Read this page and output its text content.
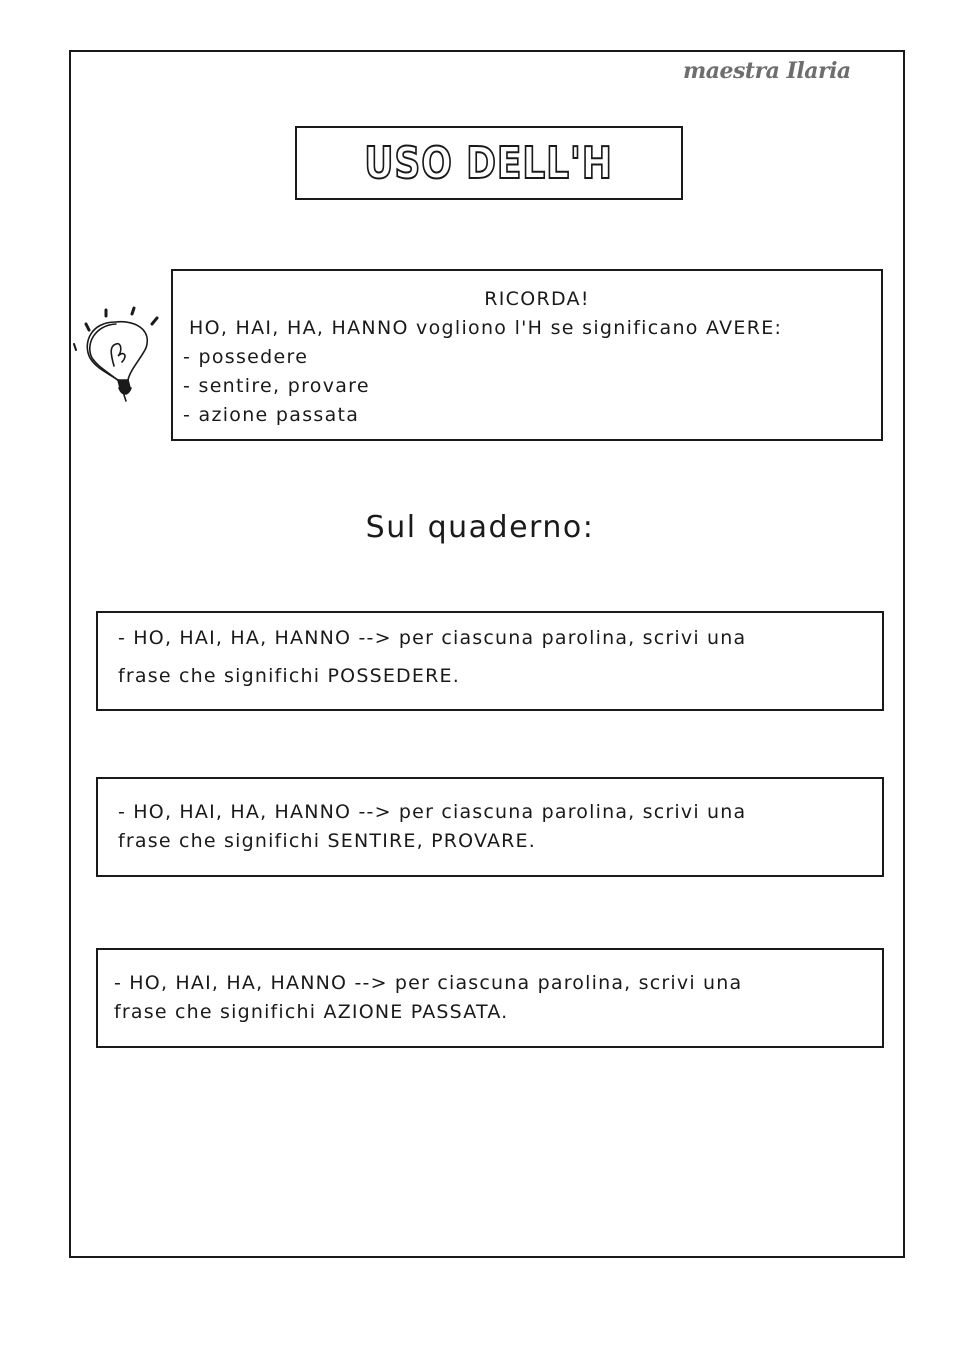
maestra Ilaria
USO DELL'H
RICORDA!
HO, HAI, HA, HANNO vogliono l'H se significano AVERE:
- possedere
- sentire, provare
- azione passata
Sul quaderno:
- HO, HAI, HA, HANNO --> per ciascuna parolina, scrivi una
frase che significhi POSSEDERE.
- HO, HAI, HA, HANNO --> per ciascuna parolina, scrivi una
frase che significhi SENTIRE, PROVARE.
- HO, HAI, HA, HANNO --> per ciascuna parolina, scrivi una
frase che significhi AZIONE PASSATA.
